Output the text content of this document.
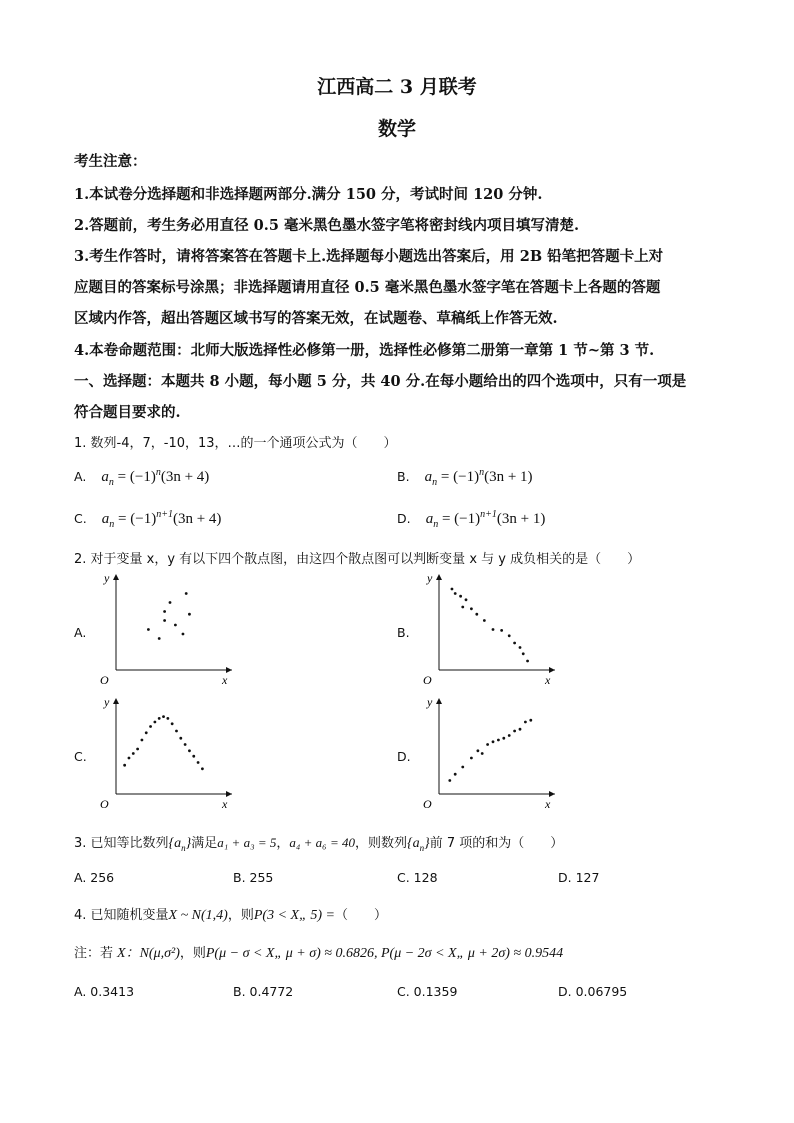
江西高二 3 月联考
数学
考生注意：
1.本试卷分选择题和非选择题两部分.满分 150 分，考试时间 120 分钟.
2.答题前，考生务必用直径 0.5 毫米黑色墨水签字笔将密封线内项目填写清楚.
3.考生作答时，请将答案答在答题卡上.选择题每小题选出答案后，用 2B 铅笔把答题卡上对
应题目的答案标号涂黑；非选择题请用直径 0.5 毫米黑色墨水签字笔在答题卡上各题的答题
区域内作答，超出答题区域书写的答案无效，在试题卷、草稿纸上作答无效.
4.本卷命题范围：北师大版选择性必修第一册，选择性必修第二册第一章第 1 节~第 3 节.
一、选择题：本题共 8 小题，每小题 5 分，共 40 分.在每小题给出的四个选项中，只有一项是
符合题目要求的.
1. 数列-4，7，-10，13，…的一个通项公式为（　　）
A. $a_n = (-1)^n(3n + 4)$	B. $a_n = (-1)^n(3n + 1)$
C. $a_n = (-1)^{n+1}(3n + 4)$	D. $a_n = (-1)^{n+1}(3n + 1)$
2. 对于变量 x，y 有以下四个散点图，由这四个散点图可以判断变量 x 与 y 成负相关的是（　　）
A.
y
x
O
B.
y
x
O
C.
y
x
O
D.
y
x
O
3. 已知等比数列$\{a_n\}$满足a₁ + a₃ = 5，a₄ + a₆ = 40，则数列$\{a_n\}$前 7 项的和为（　　）
A. 256	B. 255	C. 128	D. 127
4. 已知随机变量X ~ N(1,4)，则P(3 < X„ 5) =（　　）
注：若 X：N(μ,σ²)，则P(μ − σ < X„ μ + σ) ≈ 0.6826, P(μ − 2σ < X„ μ + 2σ) ≈ 0.9544
A. 0.3413	B. 0.4772	C. 0.1359	D. 0.06795
